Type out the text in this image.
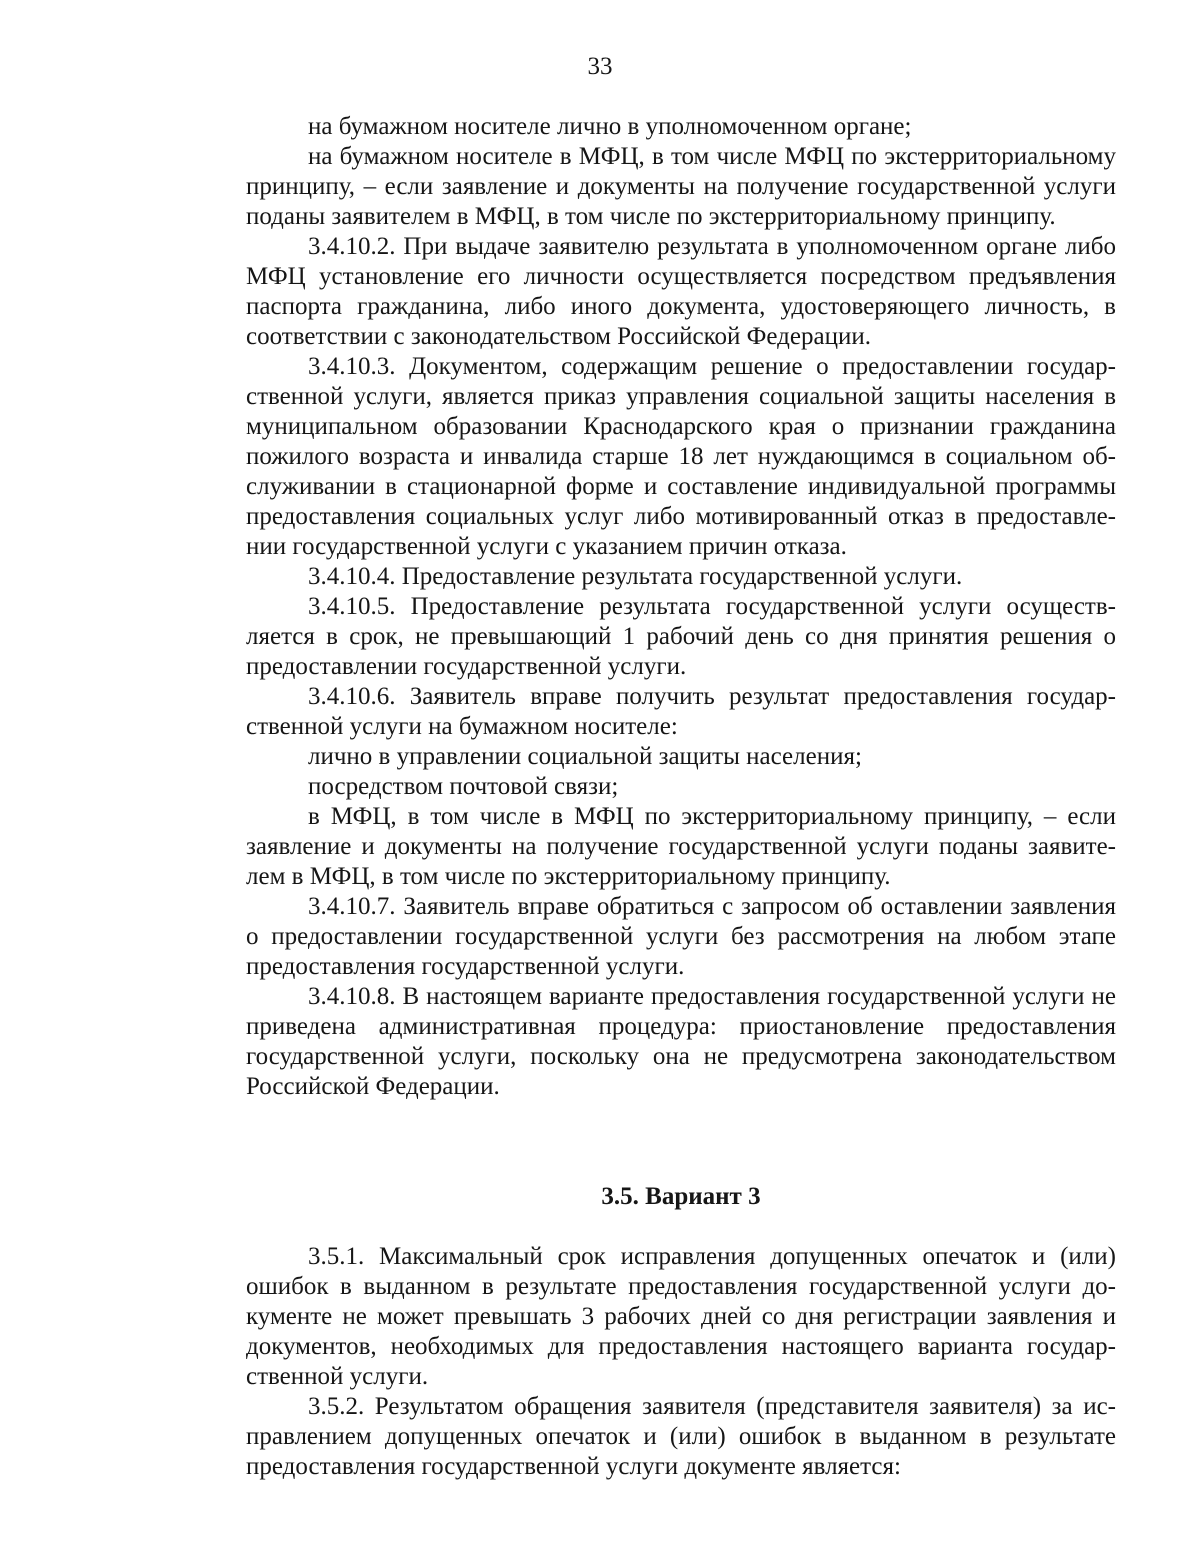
33

на бумажном носителе лично в уполномоченном органе;

на бумажном носителе в МФЦ, в том числе МФЦ по экстерриториальному принципу, – если заявление и документы на получение государственной услуги поданы заявителем в МФЦ, в том числе по экстерриториальному принципу.

3.4.10.2. При выдаче заявителю результата в уполномоченном органе либо МФЦ установление его личности осуществляется посредством предъявления паспорта гражданина, либо иного документа, удостоверяющего личность, в соответствии с законодательством Российской Федерации.

3.4.10.3. Документом, содержащим решение о предоставлении государственной услуги, является приказ управления социальной защиты населения в муниципальном образовании Краснодарского края о признании гражданина пожилого возраста и инвалида старше 18 лет нуждающимся в социальном обслуживании в стационарной форме и составление индивидуальной программы предоставления социальных услуг либо мотивированный отказ в предоставлении государственной услуги с указанием причин отказа.

3.4.10.4. Предоставление результата государственной услуги.

3.4.10.5. Предоставление результата государственной услуги осуществляется в срок, не превышающий 1 рабочий день со дня принятия решения о предоставлении государственной услуги.

3.4.10.6. Заявитель вправе получить результат предоставления государственной услуги на бумажном носителе:

лично в управлении социальной защиты населения;

посредством почтовой связи;

в МФЦ, в том числе в МФЦ по экстерриториальному принципу, – если заявление и документы на получение государственной услуги поданы заявителем в МФЦ, в том числе по экстерриториальному принципу.

3.4.10.7. Заявитель вправе обратиться с запросом об оставлении заявления о предоставлении государственной услуги без рассмотрения на любом этапе предоставления государственной услуги.

3.4.10.8. В настоящем варианте предоставления государственной услуги не приведена административная процедура: приостановление предоставления государственной услуги, поскольку она не предусмотрена законодательством Российской Федерации.

3.5. Вариант 3

3.5.1. Максимальный срок исправления допущенных опечаток и (или) ошибок в выданном в результате предоставления государственной услуги документе не может превышать 3 рабочих дней со дня регистрации заявления и документов, необходимых для предоставления настоящего варианта государственной услуги.

3.5.2. Результатом обращения заявителя (представителя заявителя) за исправлением допущенных опечаток и (или) ошибок в выданном в результате предоставления государственной услуги документе является:
